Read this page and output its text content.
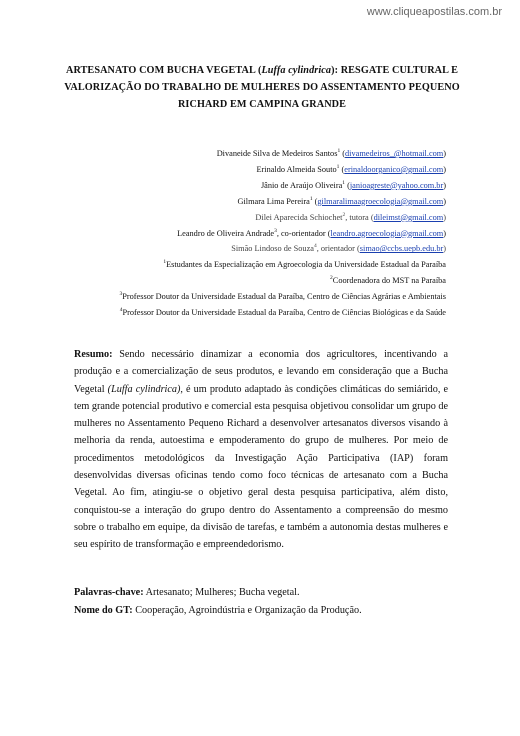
www.cliqueapostilas.com.br
ARTESANATO COM BUCHA VEGETAL (Luffa cylindrica): RESGATE CULTURAL E VALORIZAÇÃO DO TRABALHO DE MULHERES DO ASSENTAMENTO PEQUENO RICHARD EM CAMPINA GRANDE
Divaneide Silva de Medeiros Santos$^1$ (divamedeiros_@hotmail.com)
Erinaldo Almeida Souto$^1$ (erinaldoorganico@gmail.com)
Jânio de Araújo Oliveira$^1$ (janioagreste@yahoo.com.br)
Gilmara Lima Pereira$^1$ (gilmaralimaagroecologia@gmail.com)
Dilei Aparecida Schiochet$^2$, tutora (dileimst@gmail.com)
Leandro de Oliveira Andrade$^3$, co-orientador (leandro.agroecologia@gmail.com)
Simão Lindoso de Souza$^4$, orientador (simao@ccbs.uepb.edu.br)
$^1$Estudantes da Especialização em Agroecologia da Universidade Estadual da Paraíba
$^2$Coordenadora do MST na Paraíba
$^3$Professor Doutor da Universidade Estadual da Paraíba, Centro de Ciências Agrárias e Ambientais
$^4$Professor Doutor da Universidade Estadual da Paraíba, Centro de Ciências Biológicas e da Saúde
Resumo: Sendo necessário dinamizar a economia dos agricultores, incentivando a produção e a comercialização de seus produtos, e levando em consideração que a Bucha Vegetal (Luffa cylindrica), é um produto adaptado às condições climáticas do semiárido, e tem grande potencial produtivo e comercial esta pesquisa objetivou consolidar um grupo de mulheres no Assentamento Pequeno Richard a desenvolver artesanatos diversos visando à melhoria da renda, autoestima e empoderamento do grupo de mulheres. Por meio de procedimentos metodológicos da Investigação Ação Participativa (IAP) foram desenvolvidas diversas oficinas tendo como foco técnicas de artesanato com a Bucha Vegetal. Ao fim, atingiu-se o objetivo geral desta pesquisa participativa, além disto, conquistou-se a interação do grupo dentro do Assentamento a compreensão do mesmo sobre o trabalho em equipe, da divisão de tarefas, e também a autonomia destas mulheres e seu espírito de transformação e empreendedorismo.
Palavras-chave: Artesanato; Mulheres; Bucha vegetal.
Nome do GT: Cooperação, Agroindústria e Organização da Produção.
